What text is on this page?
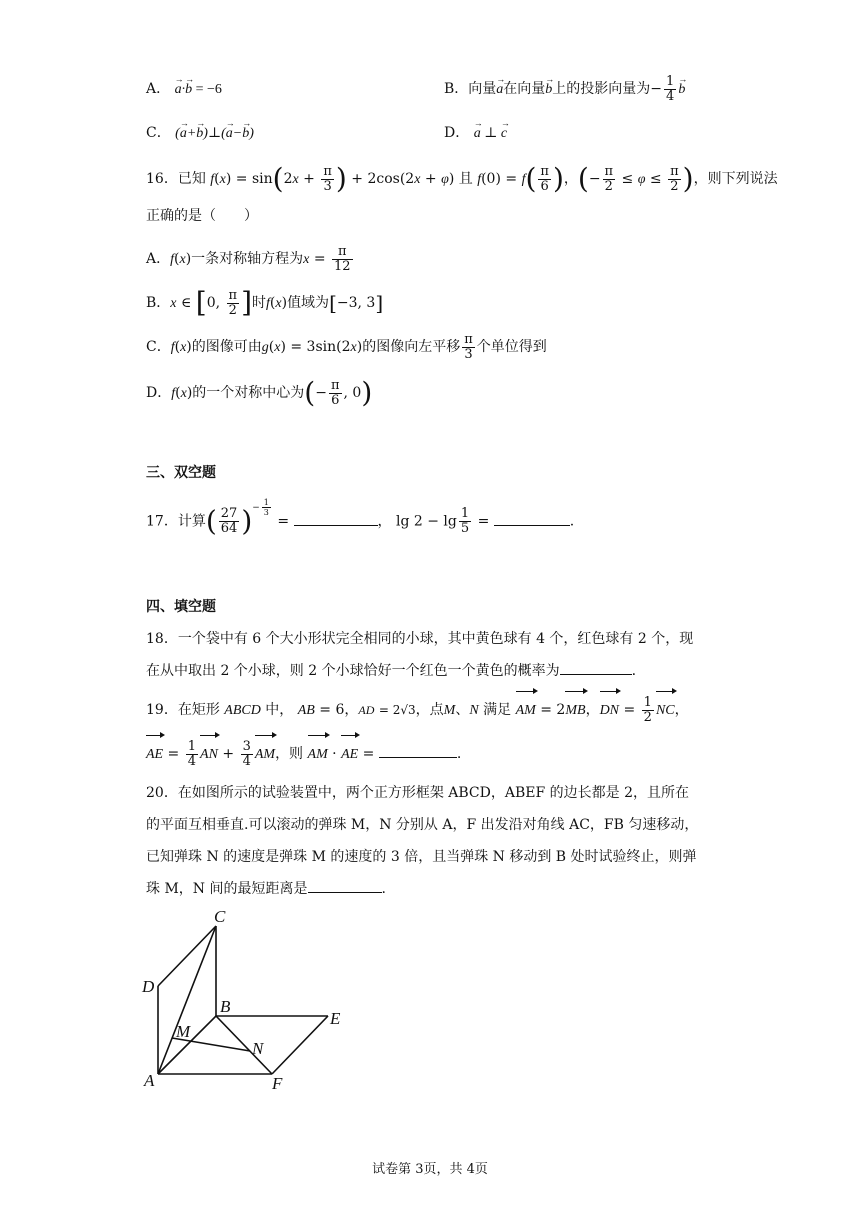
A． → a·→ b = −6	B．向量→ a在向量→ b上的投影向量为− $\frac{1}{4}$
→ b
C． (→ a+→ b)⊥(→ a−→ b)	D． → a ⊥ → c
16．已知 $f(x) = \sin(2x + \frac{\pi}{3}$ ) + 2cos(2x + φ) 且 $f(0) = f( \frac{\pi}{6}$ )，(− $\frac{\pi}{2} \le \varphi \le \frac{\pi}{2}$ )，则下列说法
正确的是（　　）
A．f(x)一条对称轴方程为$x = \frac{\pi}{12}$
B．x ∈ [0, $\frac{\pi}{2}$ ]时f(x)值域为[−3, 3]
C．f(x)的图像可由g(x) = 3sin(2x)的图像向左平移 $\frac{\pi}{3}$ 个单位得到
D．f(x)的一个对称中心为(− $\frac{\pi}{6}$ , 0)
三、双空题
17．计算( $\frac{27}{64} )^{- \frac{1}{3}}$
=	， $\lg 2 - \lg \frac{1}{5}$ =	.
四、填空题
18．一个袋中有 6 个大小形状完全相同的小球，其中黄色球有 4 个，红色球有 2 个，现
在从中取出 2 个小球，则 2 个小球恰好一个红色一个黄色的概率为	.
19．在矩形 ABCD 中， AB = 6，AD = 2√3，点M、N 满足 AM = 2MB，DN = $\frac{1}{2}$ NC，
AE = $\frac{1}{4}$ AN + $\frac{3}{4}$ AM，则 AM · AE =	.
20．在如图所示的试验装置中，两个正方形框架 ABCD，ABEF 的边长都是 2，且所在
的平面互相垂直.可以滚动的弹珠 M，N 分别从 A，F 出发沿对角线 AC，FB 匀速移动，
已知弹珠 N 的速度是弹珠 M 的速度的 3 倍，且当弹珠 N 移动到 B 处时试验终止，则弹
珠 M，N 间的最短距离是	.
C
D
B
E
M
N
A	F
试卷第 3页，共 4页
